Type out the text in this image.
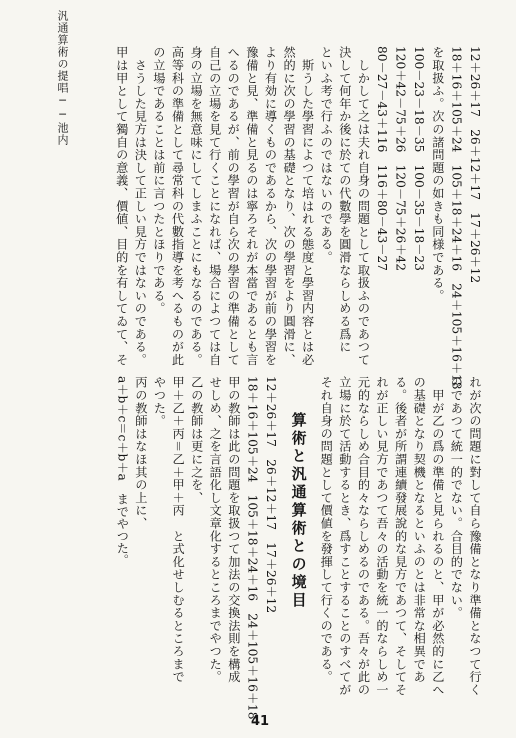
汎通算術の提唱──池内	12＋26＋17　26＋12＋17　17＋26＋12
18＋16＋105＋24　105＋18＋24＋16　24＋105＋16＋18
を取扱ふ。次の諸問題の如きも同様である。
100－23－18－35　100－35－18－23
120＋42－75＋26　120－75＋26＋42
80－27－43＋116　116＋80－43－27
　しかして之は夫れ自身の問題として取扱ふのであつて
決して何年か後に於ての代數學を圓滑ならしめる爲に
といふ考で行ふのではないのである。
　斯うした學習によつて培はれる態度と學習内容とは必
然的に次の學習の基礎となり、次の學習をより圓滑に、
より有効に導くものであるから、次の學習が前の學習を
豫備と見、準備と見るのは寧ろそれが本當であるとも言
へるのであるが、前の學習が自ら次の學習の準備として
自己の立場を見て行くことになれば、場合によつては自
身の立場を無意味にしてしまふことにもなるのである。
高等科の準備として尋常科の代數指導を考へるものが此
の立場であることは前に言つたとほりである。
　さうした見方は決して正しい見方ではないのである。
甲は甲として獨自の意義、價値、目的を有してゐて、そ
れが次の問題に對して自ら豫備となり準備となつて行く
のであつて統一的でない。合目的でない。
　甲が乙の爲の準備と見られるのと、甲が必然的に乙へ
の基礎となり契機となるといふのとは非常な相異であ
る。後者が所謂連續發展說的な見方であつて、そしてそ
れが正しい見方であつて吾々の活動を統一的ならしめ一
元的ならしめ合目的々ならしめるのである。吾々が此の
立場に於て活動するとき、爲すことすることのすべてが
それ自身の問題として價値を發揮して行くのである。
算術と汎通算術との境目
12＋26＋17　26＋12＋17　17＋26＋12
18＋16＋105＋24　105＋18＋24＋16　24＋105＋16＋18
甲の教師は此の問題を取扱つて加法の交換法則を構成
せしめ、之を言語化し文章化するところまでやつた。
乙の教師は更に之を、
甲＋乙＋丙＝乙＋甲＋丙　と式化せしむるところまで
やつた。
丙の教師はなほ其の上に、
a＋b＋c＝c＋b＋a　までやつた。
41
